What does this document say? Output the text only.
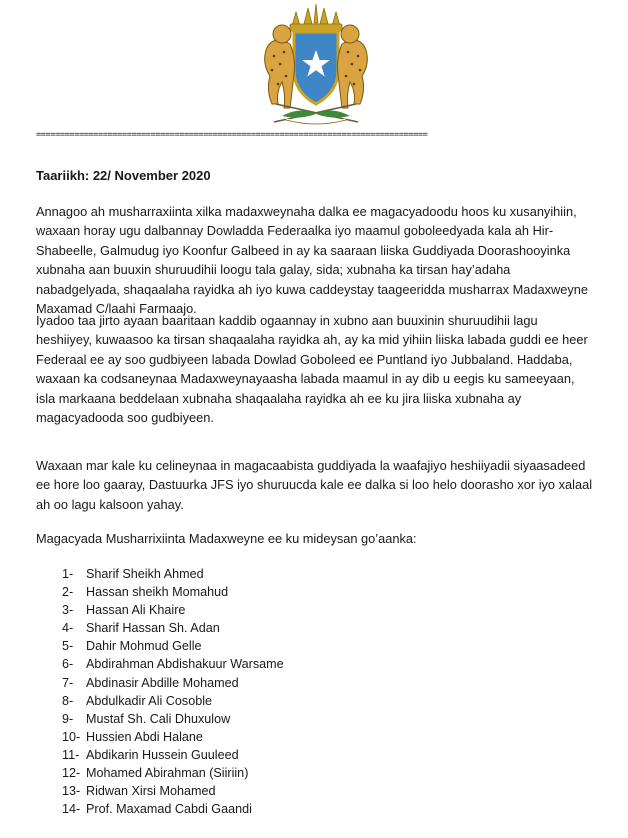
==================================================================================
Taariikh: 22/ November 2020

Annagoo ah musharraxiinta xilka madaxweynaha dalka ee magacyadoodu hoos ku xusanyihiin, waxaan horay ugu dalbannay Dowladda Federaalka iyo maamul goboleedyada kala ah Hir-Shabeelle, Galmudug iyo Koonfur Galbeed in ay ka saaraan liiska Guddiyada Doorashooyinka xubnaha aan buuxin shuruudihii loogu tala galay, sida; xubnaha ka tirsan hay’adaha nabadgelyada, shaqaalaha rayidka ah iyo kuwa caddeystay taageeridda musharrax Madaxweyne Maxamad C/laahi Farmaajo.

Iyadoo taa jirto ayaan baaritaan kaddib ogaannay in xubno aan buuxinin shuruudihii lagu heshiiyey, kuwaasoo ka tirsan shaqaalaha rayidka ah, ay ka mid yihiin liiska labada guddi ee heer Federaal ee ay soo gudbiyeen labada Dowlad Goboleed ee Puntland iyo Jubbaland. Haddaba, waxaan ka codsaneynaa Madaxweynayaasha labada maamul in ay dib u eegis ku sameeyaan, isla markaana beddelaan xubnaha shaqaalaha rayidka ah ee ku jira liiska xubnaha ay magacyadooda soo gudbiyeen.

Waxaan mar kale ku celineynaa in magacaabista guddiyada la waafajiyo heshiiyadii siyaasadeed ee hore loo gaaray, Dastuurka JFS iyo shuruucda kale ee dalka si loo helo doorasho xor iyo xalaal ah oo lagu kalsoon yahay.

Magacyada Musharrixiinta Madaxweyne ee ku mideysan go’aanka:
1-	Sharif Sheikh Ahmed
2-	Hassan sheikh Momahud
3-	Hassan Ali Khaire
4-	Sharif Hassan Sh. Adan
5-	Dahir Mohmud Gelle
6-	Abdirahman Abdishakuur Warsame
7-	Abdinasir Abdille Mohamed
8-	Abdulkadir Ali Cosoble
9-	Mustaf Sh. Cali Dhuxulow
10- Hussien Abdi Halane
11- Abdikarin Hussein Guuleed
12- Mohamed Abirahman (Siiriin)
13- Ridwan Xirsi Mohamed
14- Prof. Maxamad Cabdi Gaandi
